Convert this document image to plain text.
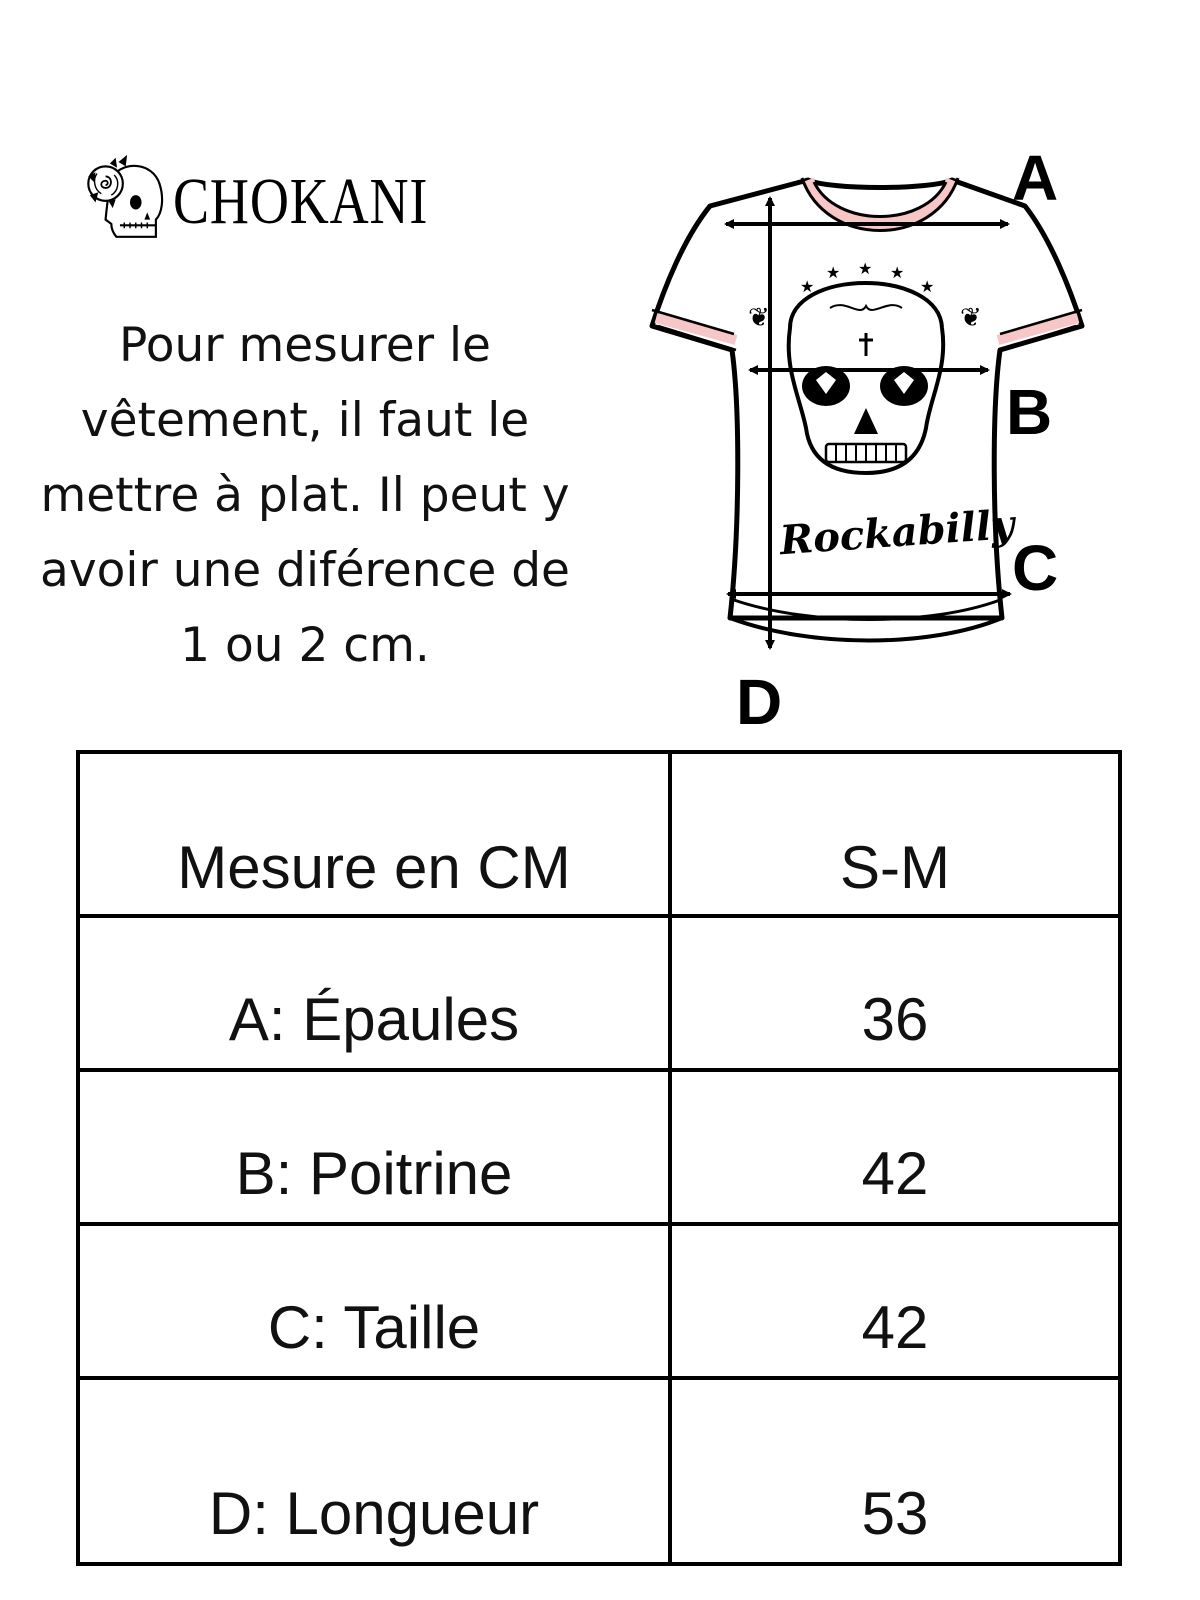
CHOKANI
Pour mesurer le
vêtement, il faut le
mettre à plat. Il peut y
avoir une diférence de
1 ou 2 cm.
★
★ ★ ★
★
❦	❦
Rockabilly
A
B
C
D
Mesure en CM	S-M
A: Épaules	36
B: Poitrine	42
C: Taille	42
D: Longueur	53
